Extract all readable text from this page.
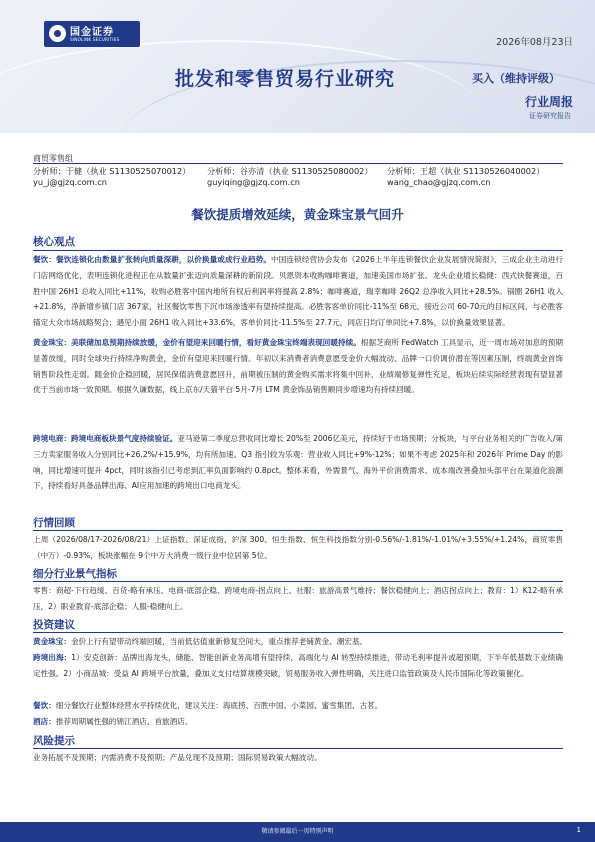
国金证券
SINOLINK SECURITIES	2026年08月23日
批发和零售贸易行业研究	买入（维持评级）
行业周报
证券研究报告
商贸零售组
分析师：于健（执业 S1130525070012）
yu_j@gjzq.com.cn
分析师：谷亦清（执业 S1130525080002）
guyiqing@gjzq.com.cn
分析师：王超（执业 S1130526040002）
wang_chao@gjzq.com.cn
餐饮提质增效延续，黄金珠宝景气回升
核心观点
餐饮：餐饮连锁化由数量扩张转向质量深耕，以价换量或成行业趋势。中国连锁经营协会发布《2026上半年连锁餐饮企业发展情况简报》，三成企业主动进行门店网络优化，表明连锁化进程正在从数量扩张迈向质量深耕的新阶段。贝恩资本收购咖啡赛道，加速美国市场扩张。龙头企业增长稳健：西式快餐赛道，百胜中国 26H1 总收入同比+11%，收购必胜客中国内地所有权后利润率将提高 2.8%；咖啡赛道，瑞幸咖啡 26Q2 总净收入同比+28.5%。锅圈 26H1 收入+21.8%，净新增乡镇门店 367家，社区餐饮零售下沉市场渗透率有望持续提高。必胜客客单价同比-11%至 68元，接近公司 60-70元的目标区间，与必胜客锚定大众市场战略契合；遇见小面 26H1 收入同比+33.6%，客单价同比-11.5%至 27.7元，同店日均订单同比+7.8%，以价换量效果显著。
黄金珠宝：美联储加息预期持续放缓，金价有望迎来回暖行情，看好黄金珠宝终端表现回暖持续。根据芝商所 FedWatch 工具显示，近一周市场对加息的预期显著放缓，同时全球央行持续净购黄金，金价有望迎来回暖行情。年初以来消费者消费意愿受金价大幅波动、品牌一口价调价潜在等因素压制，终端黄金首饰销售阶段性走弱。随金价企稳回暖，居民保值消费意愿回升，前期被压制的黄金购买需求将集中回补，业绩端修复弹性充足，板块后续实际经营表现有望显著优于当前市场一致预期。根据久谦数据，线上京东/天猫平台 5月-7月 LTM 黄金饰品销售额同步增速均有持续回暖。
跨境电商：跨境电商板块景气度持续验证。亚马逊第二季度总营收同比增长 20%至 2006亿美元，持续好于市场预期；分板块，与平台业务相关的广告收入/第三方卖家服务收入分别同比+26.2%/+15.9%，均有所加速。Q3 指引较为乐观：营业收入同比+9%-12%；如果不考虑 2025年和 2026年 Prime Day 的影响，同比增速可提升 4pct，同时该指引已考虑到汇率负面影响约 0.8pct。整体来看，外需景气、海外平价消费需求、成本端改善叠加头部平台在渠道化浪潮下，持续看好具备品牌出海、AI应用加速的跨境出口电商龙头。
行情回顾
上周（2026/08/17-2026/08/21）上证指数、深证成指、沪深 300、恒生指数、恒生科技指数分别-0.56%/-1.81%/-1.01%/+3.55%/+1.24%，商贸零售（中万）-0.93%，板块涨幅在 9个中万大消费一级行业中位居第 5位。
细分行业景气指标
零售：商超-下行趋缓、百货-略有承压、电商-底部企稳、跨境电商-拐点向上。社服：旅游高景气维持；餐饮稳健向上；酒店拐点向上；教育：1）K12-略有承压，2）职业教育-底部企稳；人服-稳健向上。
投资建议
黄金珠宝：金价上行有望带动终端回暖，当前低估值重新修复空间大，重点推荐老铺黄金、潮宏基。
跨境出海：1）安克创新：品牌出海龙头，储能、智能创新业务高增有望持续，高端化与 AI 转型持续推进，带动毛利率提升或超预期，下半年低基数下业绩确定性强。2）小商品城：受益 AI 跨境平台放量，叠加义支付结算规模突破，贸易服务收入弹性明确，关注进口监管政策及人民币国际化等政策催化。
餐饮：细分餐饮行业整体经营水平持续优化，建议关注：海底捞、百胜中国、小菜园、蜜雪集团、古茗。
酒店：推荐周期属性强的锦江酒店、首旅酒店。
风险提示
业务拓展不及预期；内需消费不及预期；产品兑现不及预期；国际贸易政策大幅波动。
敬请参阅最后一页特别声明	1
